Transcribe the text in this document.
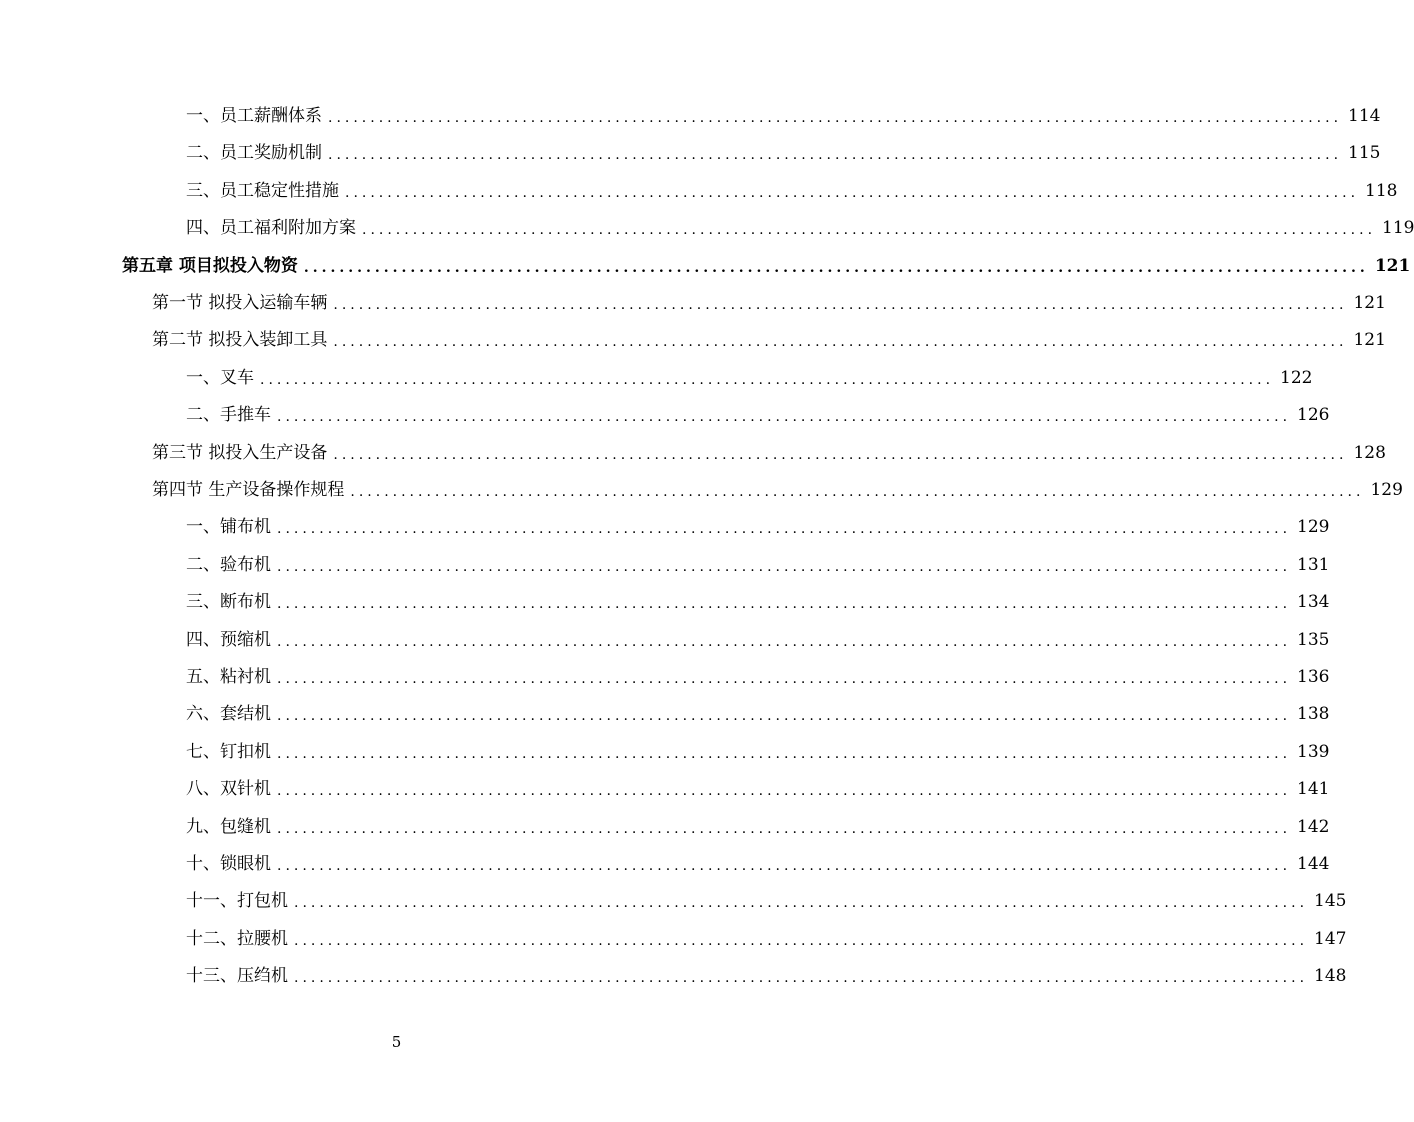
一、员工薪酬体系 ........................................................................................................................ 114
二、员工奖励机制 ........................................................................................................................ 115
三、员工稳定性措施 ........................................................................................................................ 118
四、员工福利附加方案 ........................................................................................................................ 119
第五章 项目拟投入物资 ........................................................................................................................ 121
第一节 拟投入运输车辆 ........................................................................................................................ 121
第二节 拟投入装卸工具 ........................................................................................................................ 121
一、叉车 ........................................................................................................................ 122
二、手推车 ........................................................................................................................ 126
第三节 拟投入生产设备 ........................................................................................................................ 128
第四节 生产设备操作规程 ........................................................................................................................ 129
一、铺布机 ........................................................................................................................ 129
二、验布机 ........................................................................................................................ 131
三、断布机 ........................................................................................................................ 134
四、预缩机 ........................................................................................................................ 135
五、粘衬机 ........................................................................................................................ 136
六、套结机 ........................................................................................................................ 138
七、钉扣机 ........................................................................................................................ 139
八、双针机 ........................................................................................................................ 141
九、包缝机 ........................................................................................................................ 142
十、锁眼机 ........................................................................................................................ 144
十一、打包机 ........................................................................................................................ 145
十二、拉腰机 ........................................................................................................................ 147
十三、压绉机 ........................................................................................................................ 148
5
